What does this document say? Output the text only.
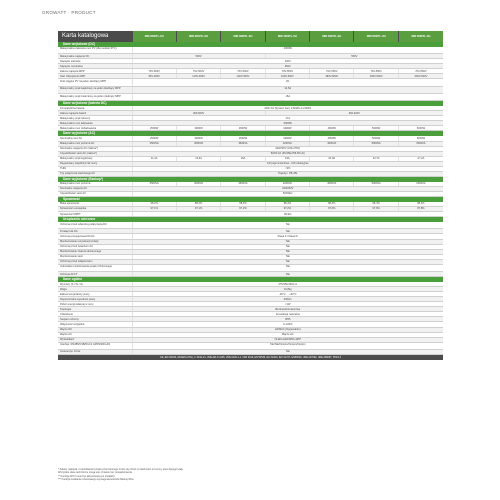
GROWATT · PRODUCT
Karta katalogowa	MIN 2500TL-XH	MIN 3000TL-XH	MIN 3600TL-XH	MIN 4200TL-XH	MIN 4600TL-XH	MIN 5000TL-XH	MIN 6000TL-XH
Dane wejściowe (DC)							
Maksymalna zalecana moc PV (dla modułu STC)	4000W						
Maksymalne napięcie DC	500V			550V			
Napięcie startowe	100V						
Napięcie nominalne	360V						
Zakres napięcia MPP	70V-500V	70V-500V	70V-500V	70V-550V	70V-550V	70V-550V	70V-550V
Stał. Obciążenie MPP	95V-450V	110V-450V	140V-500V	160V-500V	180V-500V	195V-500V	230V-500V
Ilość ciągów PV na jeden śledzący MPP	2/1						
Maksymalny prąd wejściowy na jeden śledzący MPP	12,5A						
Maksymalny prąd zwarciowy na jeden śledzący MPP	16A						
Dane wejściowe (bateria DC)							
Kompatybilna bateria	ARK XH (System bat.) 2,5kWh~11,5kWh						
Zakres napięcia baterii	360-500V			360-400V			
Maksymalny prąd roboczy	17A						
Maksymalna moc ładowania	6000W						
Maksymalna moc rozładowania	2500W	3000W	3600W	4200W	4600W	5000W	6000W
Dane wyjściowe (AC)							
Nominalna moc AC	2500W	3000W	3600W	4200W	4600W	5000W	6000W
Maksymalna moc pozorna AC	2500VA	3000VA	3600VA	4200VA	4600VA	5000VA	6000VA
Nominalne napięcie AC (zakres*)	220/230V (160-276V)						
Częstotliwość sieci AC (zakres*)	50/60 Hz (45-55Hz/55-65 Hz)						
Maksymalny prąd wyjściowy	11,4A	13,6A	16A	19A	20,9A	22,7A	27,2A
Regulowany współczynnik mocy	0,8 pojemnościowo...0,8 indukcyjnie						
THDi	<3%						
Typ połączenia sieciowego AC	Pojedyn. P8+PE						
Dane wyjściowe (Backup*)							
Maksymalna moc pozorna	2500VA	3000VA	3600VA	4200VA	4600VA	5000VA	6000VA
Nominalne napięcie AC	220/230V						
Częstotliwość sieci AC	50/60Hz						
Sprawność							
Maks.sprawność	98,2%	98,2%	98,3%	98,4%	98,4%	98,4%	98,4%
Sprawność europejska	97,1%	97,1%	97,2%	97,2%	97,6%	97,6%	97,8%
Sprawność MPPT	99,9%						
Urządzenia ochronne							
Ochrona przed odwrotną polaryzacją DC	Tak						
Przełącznik DC	Tak						
Ochrona przepięciowa DC/AC	Klasa II / Klasa III						
Monitorowanie rezystancji izolacji	Tak						
Ochrona przed zwarciem AC	Tak						
Monitorowanie zwarcia doziemnego	Tak						
Monitorowanie sieci	Tak						
Ochrona przed odłączeniem	Tak						
Jednostka monitorowania prądu różnicowego	Tak						
Ochrona AFCI*	Tak						
Dane ogólne							
Wymiary (S / W / G)	375/350/160mm						
Waga	10,8kg						
Zakres temperatury pracy	-25°C ... +60°C						
Dopuszczalna wysokość pracy	4000m						
Pobór energii własnej w nocy	<1W						
Topologia	Beztransformatorowa						
Chłodzenie	Konwekcja naturalna						
Stopień ochrony	IP65						
Wilgotność względna	0~100%						
Złącze DC	H4/MC4 (Opcjonalnie)						
Złącze AC	Złącze AC						
Wyświetlacz	OLED+LED/WIFI+APP						
Interfejs: RS485/USB/Wi-Fi/ GPRS/RF/LAN	Tak/Tak/Opcjon/Opcjon/Opcjon						
Gwarancja: 10 lat	Tak						
CE, IEC 62109, AS4426 (UTE), C 10/11-21, VDE-AR-N 4105, VDE 0126-1-1, VFR 2019, EN 50549, IEC 62116, IEC 61727, EN50549, UNE 217002, UNE 206007, PO12.3							
* Zakres napięcia i częstotliwości prądu przemiennego może się różnić w zależności od normy sieci danego kraju.
Wszystkie dane techniczne mogą ulec zmianie bez powiadomienia.
** Funkcja AFCI musi być aktywowana po instalacji.
*** Funkcja zasilania rezerwowego wymaga akcesoriów Backup Box.
